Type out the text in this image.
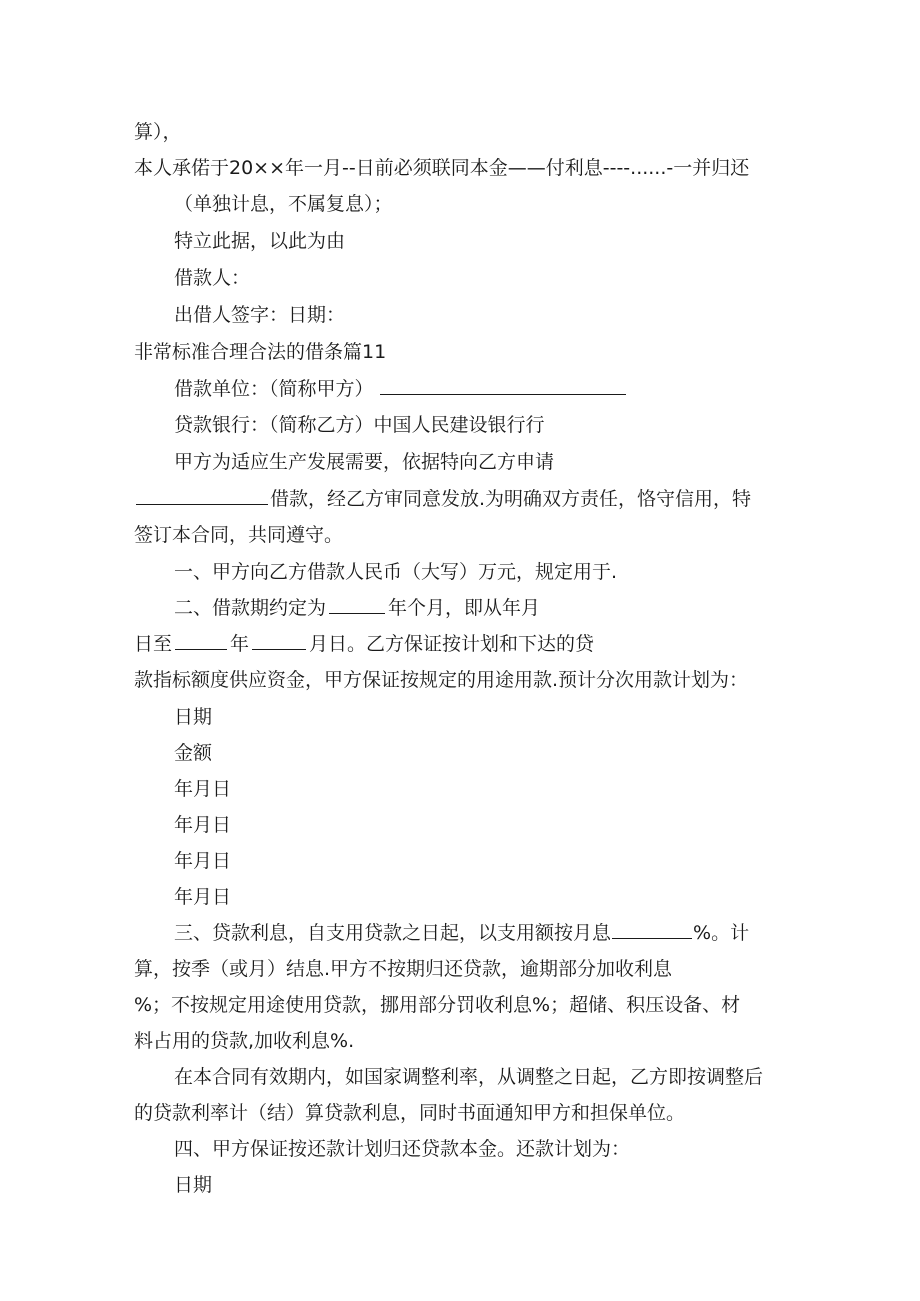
算），

本人承偌于20××年一月--日前必须联同本金——付利息----......-一并归还

（单独计息，不属复息）；

特立此据，以此为由

借款人：

出借人签字：日期：

非常标准合理合法的借条篇11

借款单位：（简称甲方）

贷款银行：（简称乙方）中国人民建设银行行

甲方为适应生产发展需要，依据特向乙方申请

借款，经乙方审同意发放.为明确双方责任，恪守信用，特

签订本合同，共同遵守。

一、甲方向乙方借款人民币（大写）万元，规定用于.

二、借款期约定为	年个月，即从年月

日至	年	月日。乙方保证按计划和下达的贷

款指标额度供应资金，甲方保证按规定的用途用款.预计分次用款计划为：

日期

金额

年月日

年月日

年月日

年月日

三、贷款利息，自支用贷款之日起，以支用额按月息	%。计

算，按季（或月）结息.甲方不按期归还贷款，逾期部分加收利息

%；不按规定用途使用贷款，挪用部分罚收利息%；超储、积压设备、材

料占用的贷款,加收利息%.

在本合同有效期内，如国家调整利率，从调整之日起，乙方即按调整后

的贷款利率计（结）算贷款利息，同时书面通知甲方和担保单位。

四、甲方保证按还款计划归还贷款本金。还款计划为：

日期
